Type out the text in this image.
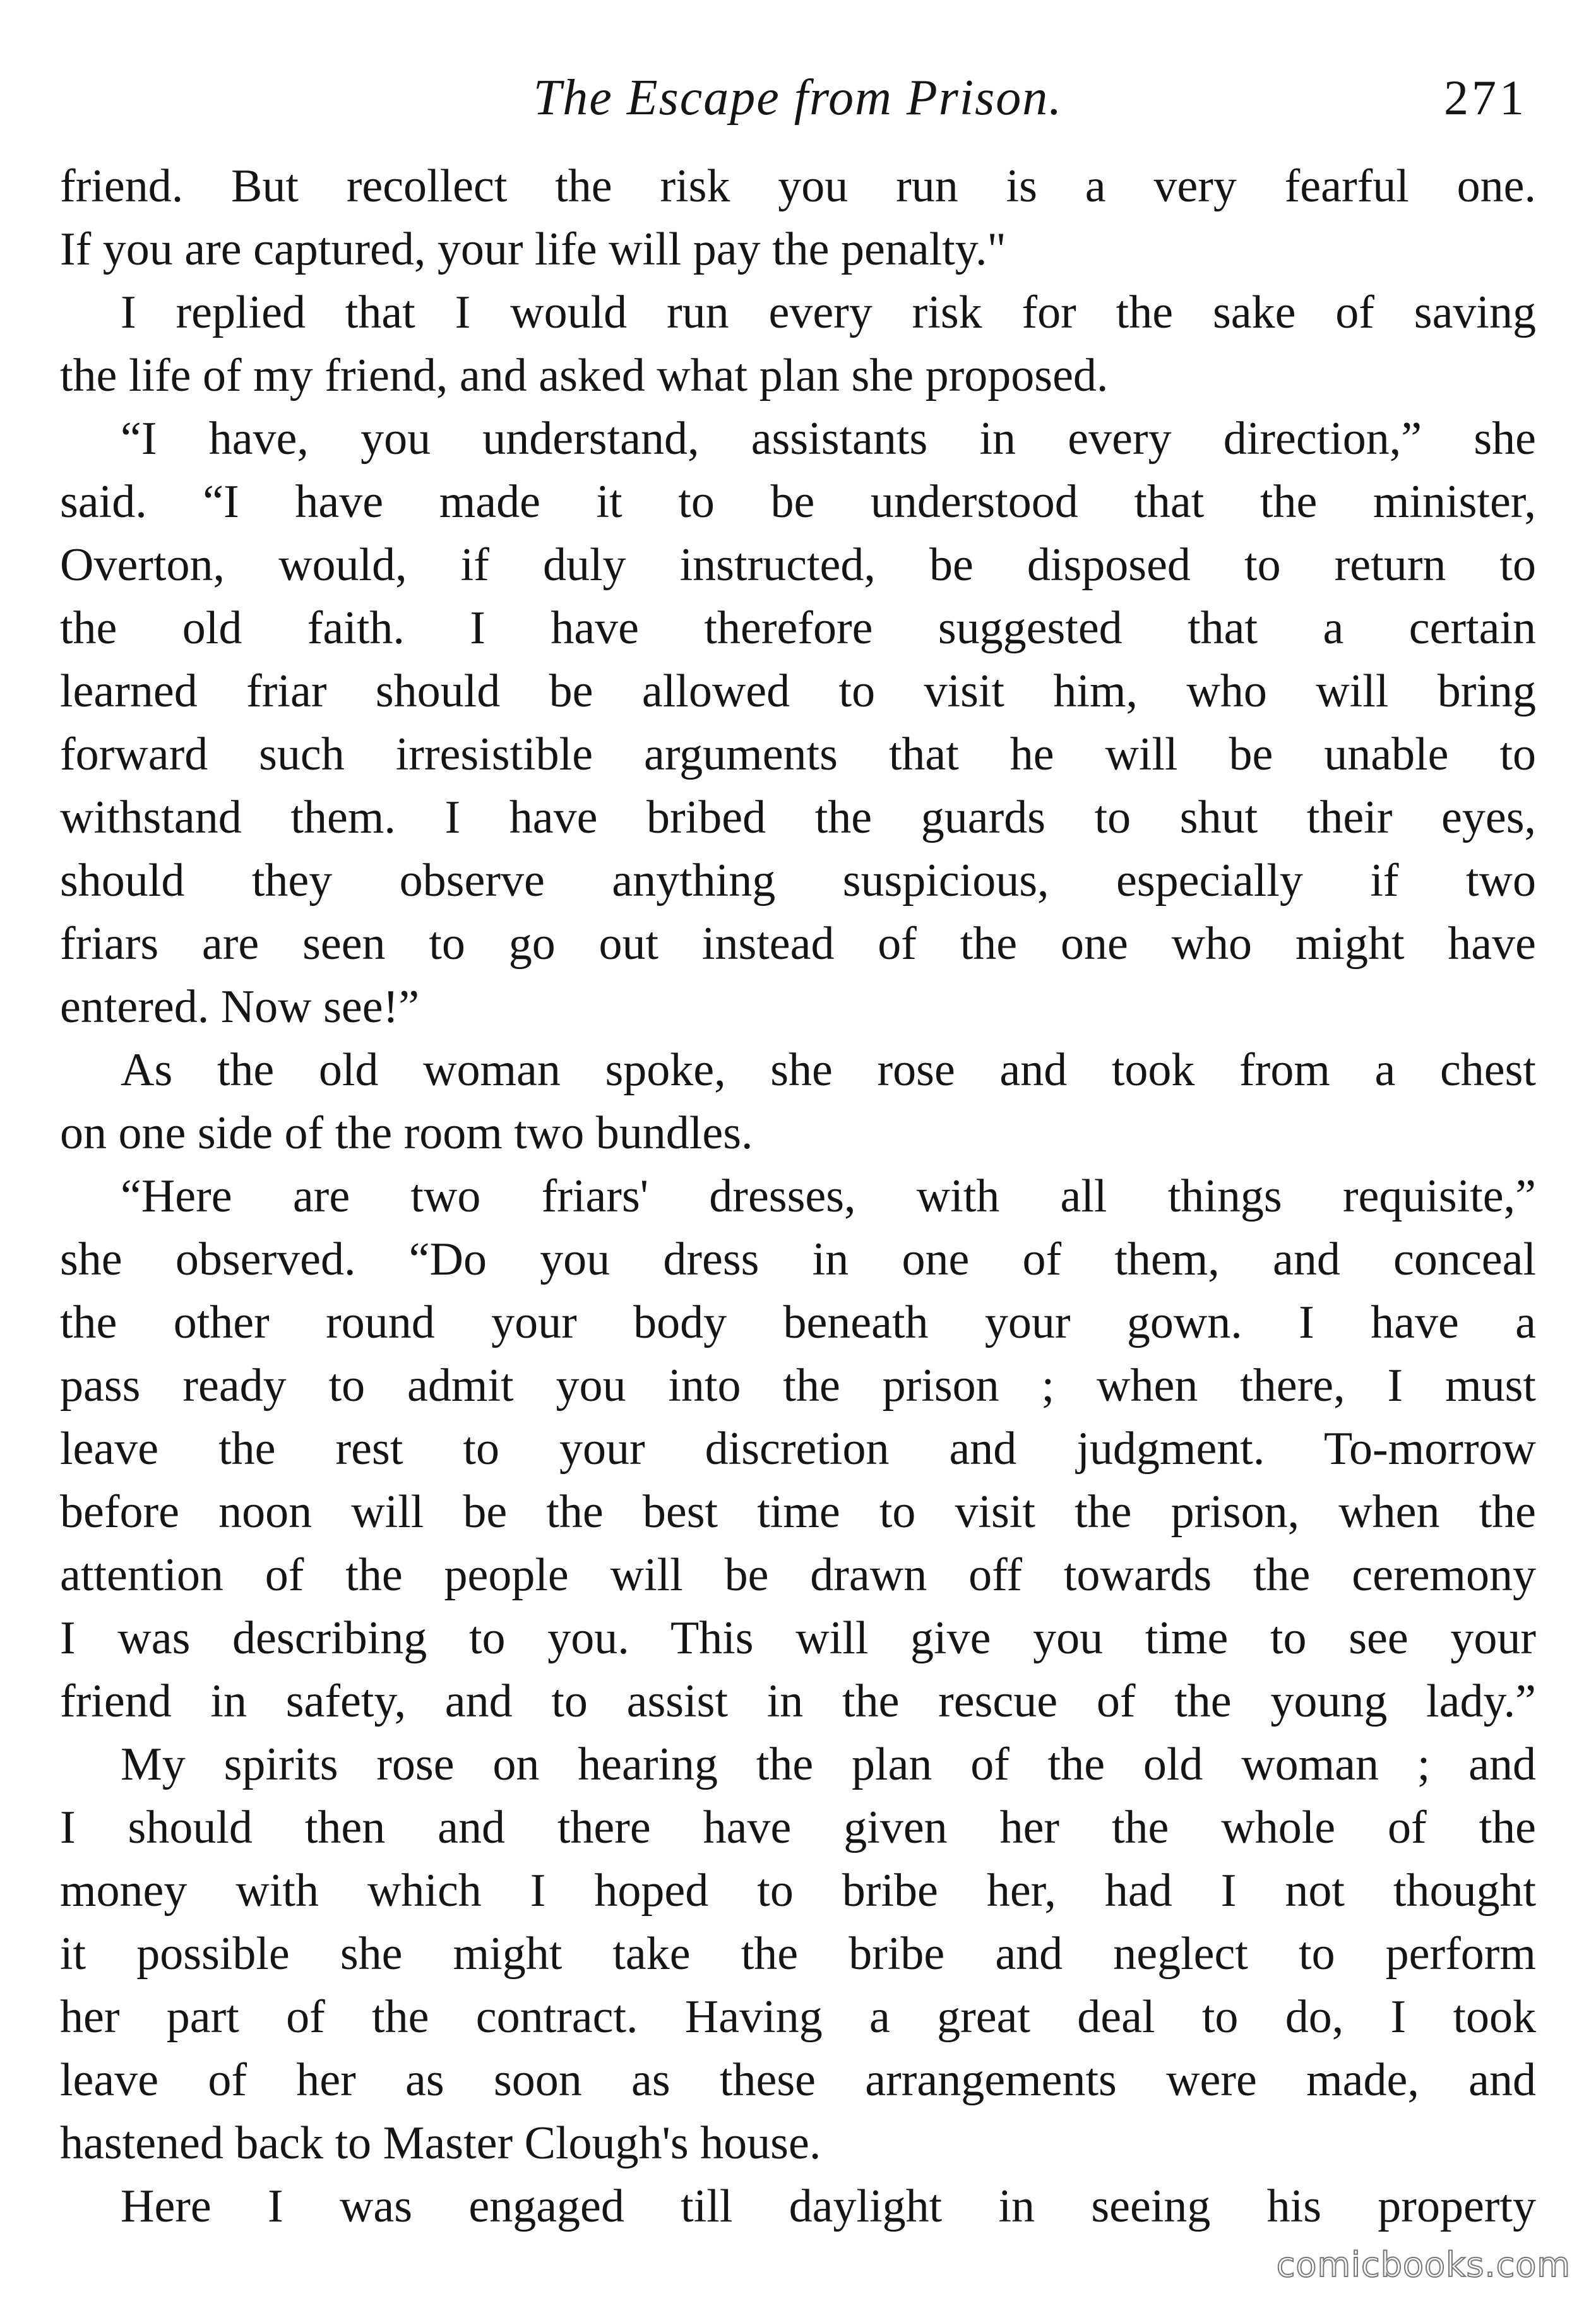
The Escape from Prison.	271
friend. But recollect the risk you run is a very fearful one.
If you are captured, your life will pay the penalty."
I replied that I would run every risk for the sake of saving
the life of my friend, and asked what plan she proposed.
“I have, you understand, assistants in every direction,” she
said. “I have made it to be understood that the minister,
Overton, would, if duly instructed, be disposed to return to
the old faith. I have therefore suggested that a certain
learned friar should be allowed to visit him, who will bring
forward such irresistible arguments that he will be unable to
withstand them. I have bribed the guards to shut their eyes,
should they observe anything suspicious, especially if two
friars are seen to go out instead of the one who might have
entered. Now see!”
As the old woman spoke, she rose and took from a chest
on one side of the room two bundles.
“Here are two friars' dresses, with all things requisite,”
she observed. “Do you dress in one of them, and conceal
the other round your body beneath your gown. I have a
pass ready to admit you into the prison ; when there, I must
leave the rest to your discretion and judgment. To-morrow
before noon will be the best time to visit the prison, when the
attention of the people will be drawn off towards the ceremony
I was describing to you. This will give you time to see your
friend in safety, and to assist in the rescue of the young lady.”
My spirits rose on hearing the plan of the old woman ; and
I should then and there have given her the whole of the
money with which I hoped to bribe her, had I not thought
it possible she might take the bribe and neglect to perform
her part of the contract. Having a great deal to do, I took
leave of her as soon as these arrangements were made, and
hastened back to Master Clough's house.
Here I was engaged till daylight in seeing his property
comicbooks.com
